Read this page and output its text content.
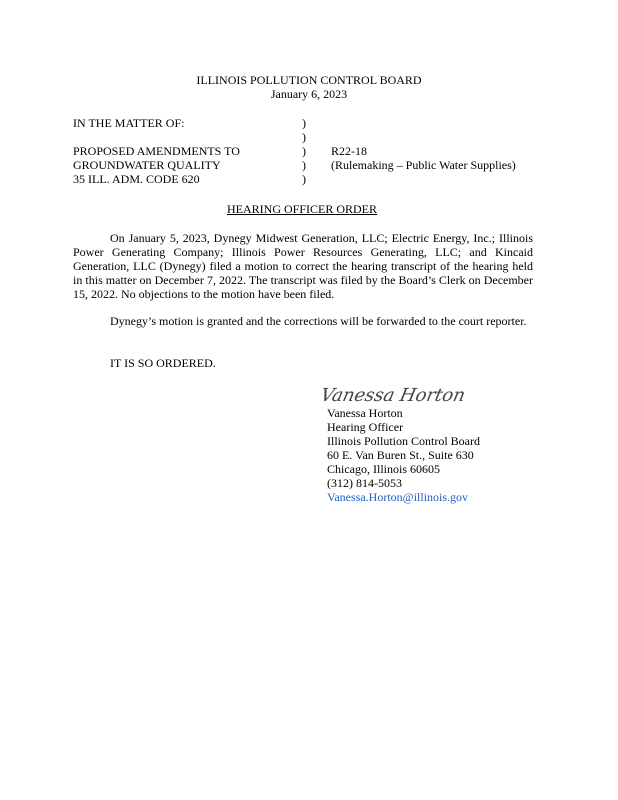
ILLINOIS POLLUTION CONTROL BOARD
January 6, 2023
IN THE MATTER OF:
PROPOSED AMENDMENTS TO
GROUNDWATER QUALITY
35 ILL. ADM. CODE 620
)
)
)
)
)
R22-18
(Rulemaking – Public Water Supplies)
HEARING OFFICER ORDER
On January 5, 2023, Dynegy Midwest Generation, LLC; Electric Energy, Inc.; Illinois Power Generating Company; Illinois Power Resources Generating, LLC; and Kincaid Generation, LLC (Dynegy) filed a motion to correct the hearing transcript of the hearing held in this matter on December 7, 2022. The transcript was filed by the Board’s Clerk on December 15, 2022. No objections to the motion have been filed.
Dynegy’s motion is granted and the corrections will be forwarded to the court reporter.
IT IS SO ORDERED.
Vanessa Horton
Vanessa Horton
Hearing Officer
Illinois Pollution Control Board
60 E. Van Buren St., Suite 630
Chicago, Illinois 60605
(312) 814-5053
Vanessa.Horton@illinois.gov
